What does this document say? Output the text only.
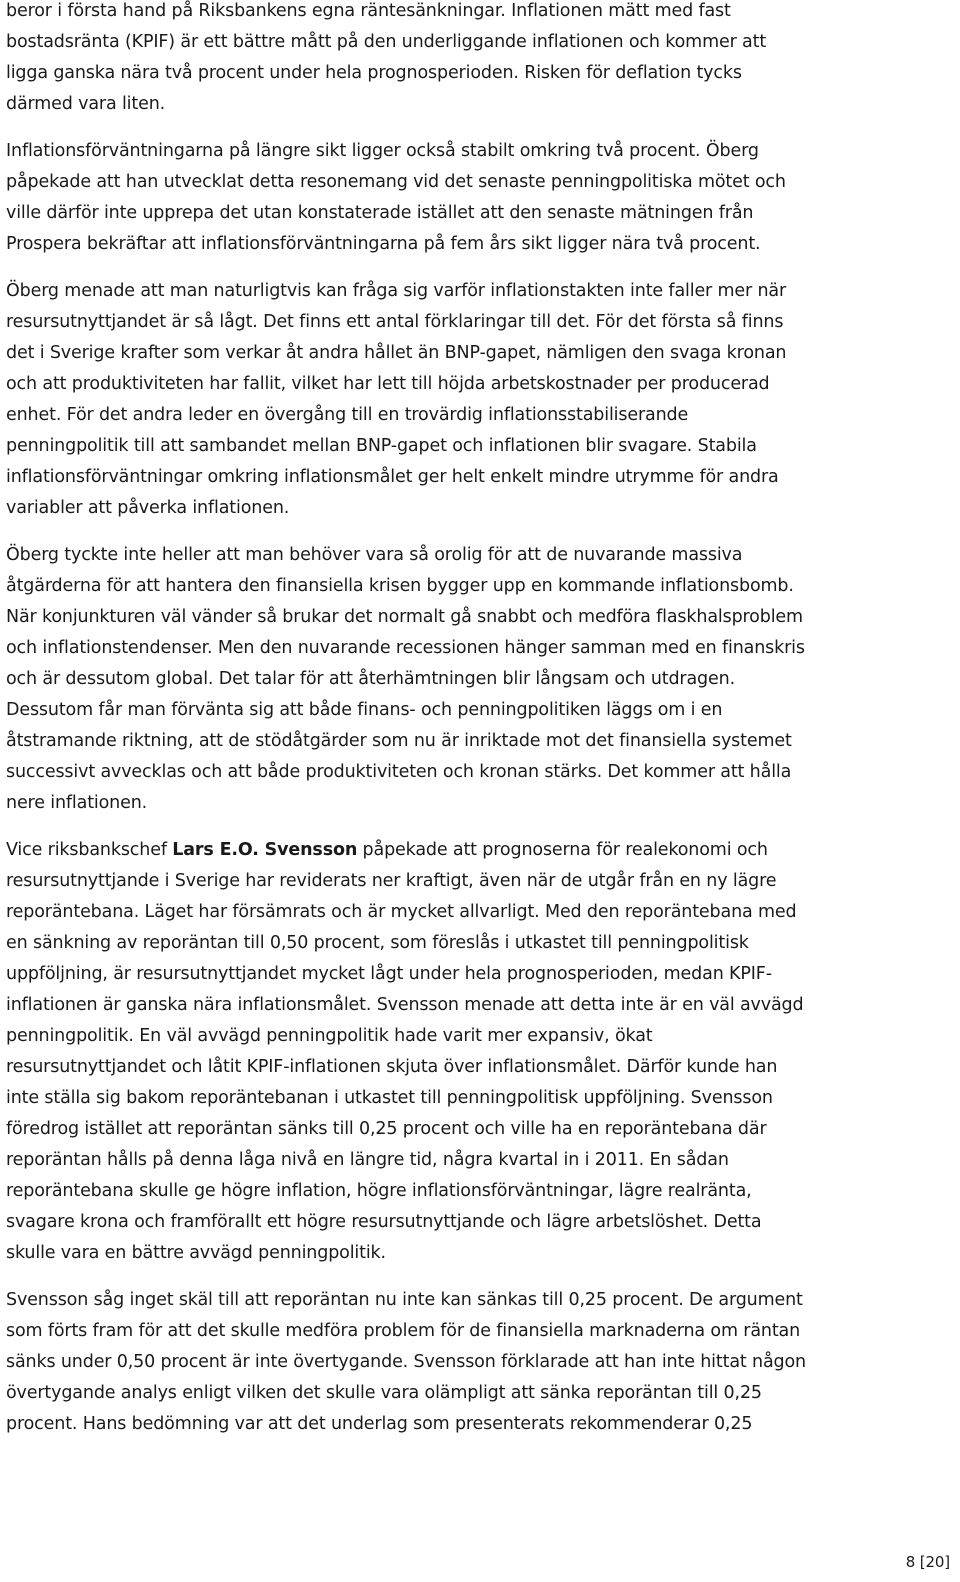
beror i första hand på Riksbankens egna räntesänkningar. Inflationen mätt med fast
bostadsränta (KPIF) är ett bättre mått på den underliggande inflationen och kommer att
ligga ganska nära två procent under hela prognosperioden. Risken för deflation tycks
därmed vara liten.

Inflationsförväntningarna på längre sikt ligger också stabilt omkring två procent. Öberg
påpekade att han utvecklat detta resonemang vid det senaste penningpolitiska mötet och
ville därför inte upprepa det utan konstaterade istället att den senaste mätningen från
Prospera bekräftar att inflationsförväntningarna på fem års sikt ligger nära två procent.

Öberg menade att man naturligtvis kan fråga sig varför inflationstakten inte faller mer när
resursutnyttjandet är så lågt. Det finns ett antal förklaringar till det. För det första så finns
det i Sverige krafter som verkar åt andra hållet än BNP-gapet, nämligen den svaga kronan
och att produktiviteten har fallit, vilket har lett till höjda arbetskostnader per producerad
enhet. För det andra leder en övergång till en trovärdig inflationsstabiliserande
penningpolitik till att sambandet mellan BNP-gapet och inflationen blir svagare. Stabila
inflationsförväntningar omkring inflationsmålet ger helt enkelt mindre utrymme för andra
variabler att påverka inflationen.

Öberg tyckte inte heller att man behöver vara så orolig för att de nuvarande massiva
åtgärderna för att hantera den finansiella krisen bygger upp en kommande inflationsbomb.
När konjunkturen väl vänder så brukar det normalt gå snabbt och medföra flaskhalsproblem
och inflationstendenser. Men den nuvarande recessionen hänger samman med en finanskris
och är dessutom global. Det talar för att återhämtningen blir långsam och utdragen.
Dessutom får man förvänta sig att både finans- och penningpolitiken läggs om i en
åtstramande riktning, att de stödåtgärder som nu är inriktade mot det finansiella systemet
successivt avvecklas och att både produktiviteten och kronan stärks. Det kommer att hålla
nere inflationen.

Vice riksbankschef Lars E.O. Svensson påpekade att prognoserna för realekonomi och
resursutnyttjande i Sverige har reviderats ner kraftigt, även när de utgår från en ny lägre
reporäntebana. Läget har försämrats och är mycket allvarligt. Med den reporäntebana med
en sänkning av reporäntan till 0,50 procent, som föreslås i utkastet till penningpolitisk
uppföljning, är resursutnyttjandet mycket lågt under hela prognosperioden, medan KPIF-
inflationen är ganska nära inflationsmålet. Svensson menade att detta inte är en väl avvägd
penningpolitik. En väl avvägd penningpolitik hade varit mer expansiv, ökat
resursutnyttjandet och låtit KPIF-inflationen skjuta över inflationsmålet. Därför kunde han
inte ställa sig bakom reporäntebanan i utkastet till penningpolitisk uppföljning. Svensson
föredrog istället att reporäntan sänks till 0,25 procent och ville ha en reporäntebana där
reporäntan hålls på denna låga nivå en längre tid, några kvartal in i 2011. En sådan
reporäntebana skulle ge högre inflation, högre inflationsförväntningar, lägre realränta,
svagare krona och framförallt ett högre resursutnyttjande och lägre arbetslöshet. Detta
skulle vara en bättre avvägd penningpolitik.

Svensson såg inget skäl till att reporäntan nu inte kan sänkas till 0,25 procent. De argument
som förts fram för att det skulle medföra problem för de finansiella marknaderna om räntan
sänks under 0,50 procent är inte övertygande. Svensson förklarade att han inte hittat någon
övertygande analys enligt vilken det skulle vara olämpligt att sänka reporäntan till 0,25
procent. Hans bedömning var att det underlag som presenterats rekommenderar 0,25

8 [20]
